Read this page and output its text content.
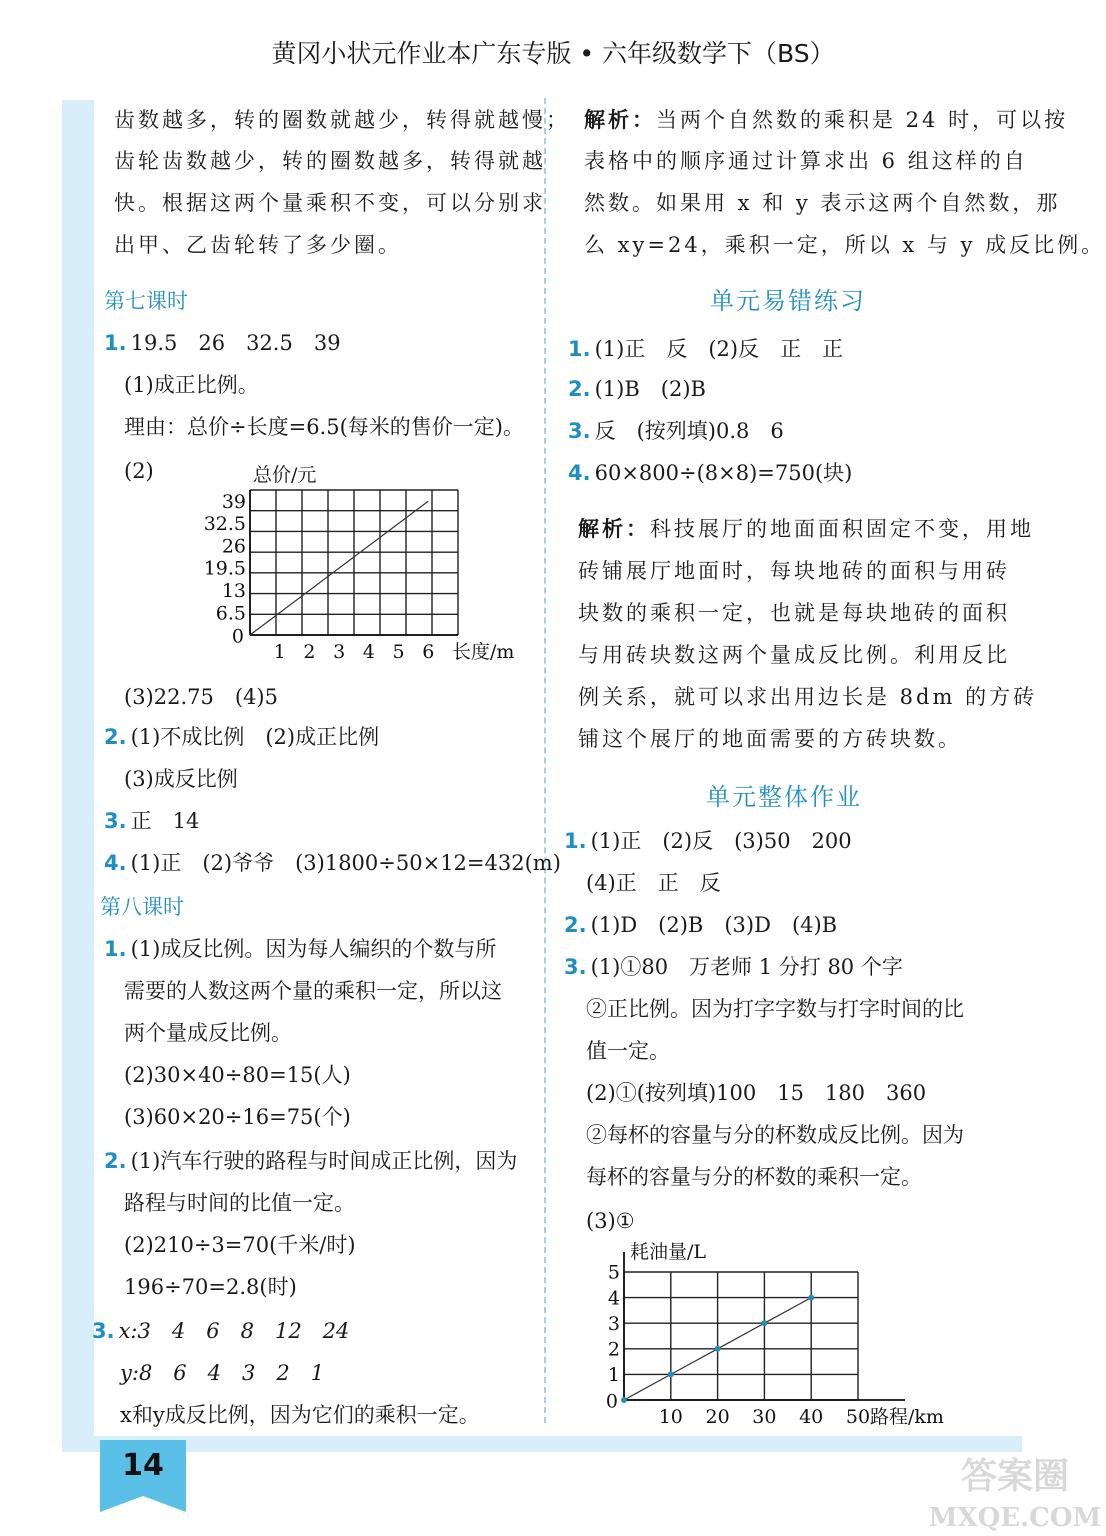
黄冈小状元作业本广东专版 • 六年级数学下（BS）
齿数越多，转的圈数就越少，转得就越慢；
齿轮齿数越少，转的圈数越多，转得就越
快。根据这两个量乘积不变，可以分别求
出甲、乙齿轮转了多少圈。
第七课时
1. 19.5　26　32.5　39
(1)成正比例。
理由：总价÷长度=6.5(每米的售价一定)。
(2)
1 2 3 4 5 6
6.5
13
19.5
26
32.5
39
0
总价/元
长度/m
(3)22.75　(4)5
2. (1)不成比例　(2)成正比例
(3)成反比例
3. 正　14
4. (1)正　(2)爷爷　(3)1800÷50×12=432(m)
第八课时
1. (1)成反比例。因为每人编织的个数与所
需要的人数这两个量的乘积一定，所以这
两个量成反比例。
(2)30×40÷80=15(人)
(3)60×20÷16=75(个)
2. (1)汽车行驶的路程与时间成正比例，因为
路程与时间的比值一定。
(2)210÷3=70(千米/时)
196÷70=2.8(时)
3. x:3　4　6　8　12　24
y:8　6　4　3　2　1
x和y成反比例，因为它们的乘积一定。
解析：当两个自然数的乘积是 24 时，可以按
表格中的顺序通过计算求出 6 组这样的自
然数。如果用 x 和 y 表示这两个自然数，那
么 xy=24，乘积一定，所以 x 与 y 成反比例。
单元易错练习
1. (1)正　反　(2)反　正　正
2. (1)B　(2)B
3. 反　(按列填)0.8　6
4. 60×800÷(8×8)=750(块)
解析：科技展厅的地面面积固定不变，用地
砖铺展厅地面时，每块地砖的面积与用砖
块数的乘积一定，也就是每块地砖的面积
与用砖块数这两个量成反比例。利用反比
例关系，就可以求出用边长是 8dm 的方砖
铺这个展厅的地面需要的方砖块数。
单元整体作业
1. (1)正　(2)反　(3)50　200
(4)正　正　反
2. (1)D　(2)B　(3)D　(4)B
3. (1)①80　万老师 1 分打 80 个字
②正比例。因为打字字数与打字时间的比
值一定。
(2)①(按列填)100　15　180　360
②每杯的容量与分的杯数成反比例。因为
每杯的容量与分的杯数的乘积一定。
(3)①
10 20 30 40 50
1
2
3
4
5
0
耗油量/L
路程/km
14	答案圈
MXQE.COM
